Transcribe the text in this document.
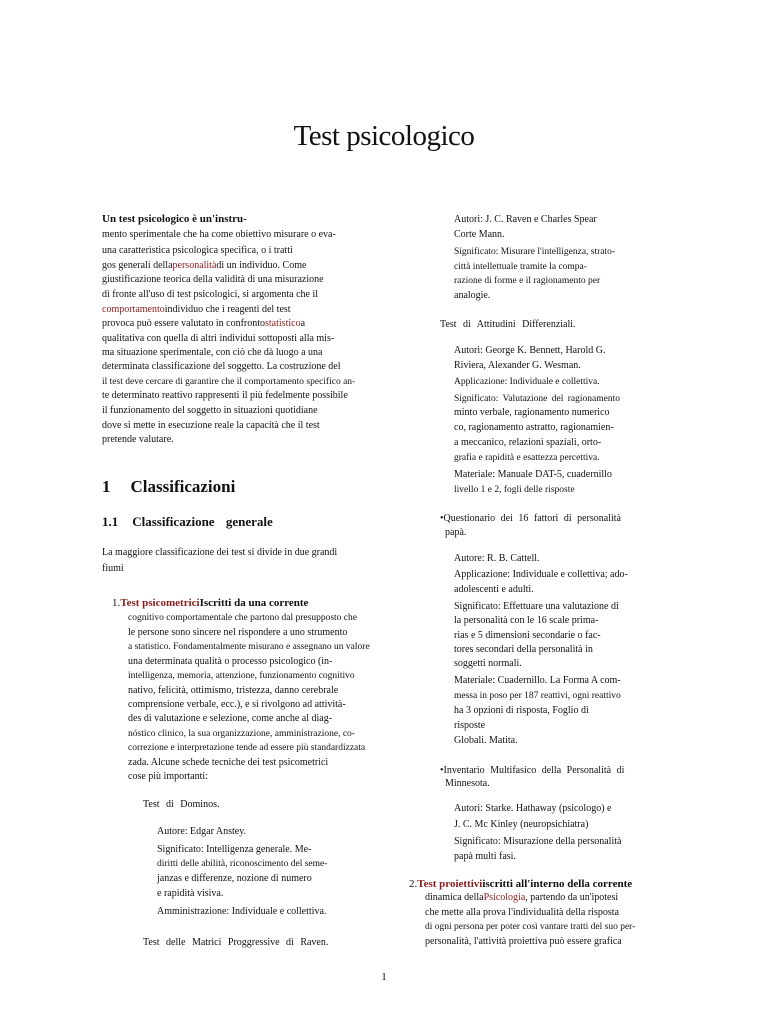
Test psicologico
Un test psicologico è un'instru-
mento sperimentale che ha come obiettivo misurare o eva-
una caratteristica psicologica specifica, o i tratti
gos generali dellapersonalitàdi un individuo. Come
giustificazione teorica della validità di una misurazione
di fronte all'uso di test psicologici, si argomenta che il
comportamentoindividuo che i reagenti del test
provoca può essere valutato in confrontostatisticoa
qualitativa con quella di altri individui sottoposti alla mis-
ma situazione sperimentale, con ciò che dà luogo a una
determinata classificazione del soggetto. La costruzione del
il test deve cercare di garantire che il comportamento specifico an-
te determinato reattivo rappresenti il più fedelmente possibile
il funzionamento del soggetto in situazioni quotidiane
dove si mette in esecuzione reale la capacità che il test
pretende valutare.
1 Classificazioni
1.1 Classificazione generale
La maggiore classificazione dei test si divide in due grandi
fiumi
1.Test psicometriciIscritti da una corrente
cognitivo comportamentale che partono dal presupposto che
le persone sono sincere nel rispondere a uno strumento
a statistico. Fondamentalmente misurano e assegnano un valore
una determinata qualità o processo psicologico (in-
intelligenza, memoria, attenzione, funzionamento cognitivo
nativo, felicità, ottimismo, tristezza, danno cerebrale
comprensione verbale, ecc.), e si rivolgono ad attività-
des di valutazione e selezione, come anche al diag-
nóstico clinico, la sua organizzazione, amministrazione, co-
correzione e interpretazione tende ad essere più standardizzata
zada. Alcune schede tecniche dei test psicometrici
cose più importanti:
Test di Dominos.
Autore: Edgar Anstey.
Significato: Intelligenza generale. Me-
diritti delle abilità, riconoscimento del seme-
janzas e differenze, nozione di numero
e rapidità visiva.
Amministrazione: Individuale e collettiva.
Test delle Matrici Proggressive di Raven.
Autori: J. C. Raven e Charles Spear
Corte Mann.
Significato: Misurare l'intelligenza, strato-
città intellettuale tramite la compa-
razione di forme e il ragionamento per
analogie.
Test di Attitudini Differenziali.
Autori: George K. Bennett, Harold G.
Riviera, Alexander G. Wesman.
Applicazione: Individuale e collettiva.
Significato: Valutazione del ragionamento
minto verbale, ragionamento numerico
co, ragionamento astratto, ragionamien-
a meccanico, relazioni spaziali, orto-
grafia e rapidità e esattezza percettiva.
Materiale: Manuale DAT-5, cuadernillo
livello 1 e 2, fogli delle risposte
•Questionario dei 16 fattori di personalità
papà.
Autore: R. B. Cattell.
Applicazione: Individuale e collettiva; ado-
adolescenti e adulti.
Significato: Effettuare una valutazione di
la personalità con le 16 scale prima-
rias e 5 dimensioni secondarie o fac-
tores secondari della personalità in
soggetti normali.
Materiale: Cuadernillo. La Forma A com-
messa in poso per 187 reattivi, ogni reattivo
ha 3 opzioni di risposta, Foglio di
risposte
Globali. Matita.
•Inventario Multifasico della Personalità di
Minnesota.
Autori: Starke. Hathaway (psicologo) e
J. C. Mc Kinley (neuropsichiatra)
Significato: Misurazione della personalità
papà multi fasi.
2.Test proiettiviiscritti all'interno della corrente
dinamica dellaPsicologia, partendo da un'ipotesi
che mette alla prova l'individualità della risposta
di ogni persona per poter così vantare tratti del suo per-
personalità, l'attività proiettiva può essere grafica
1
